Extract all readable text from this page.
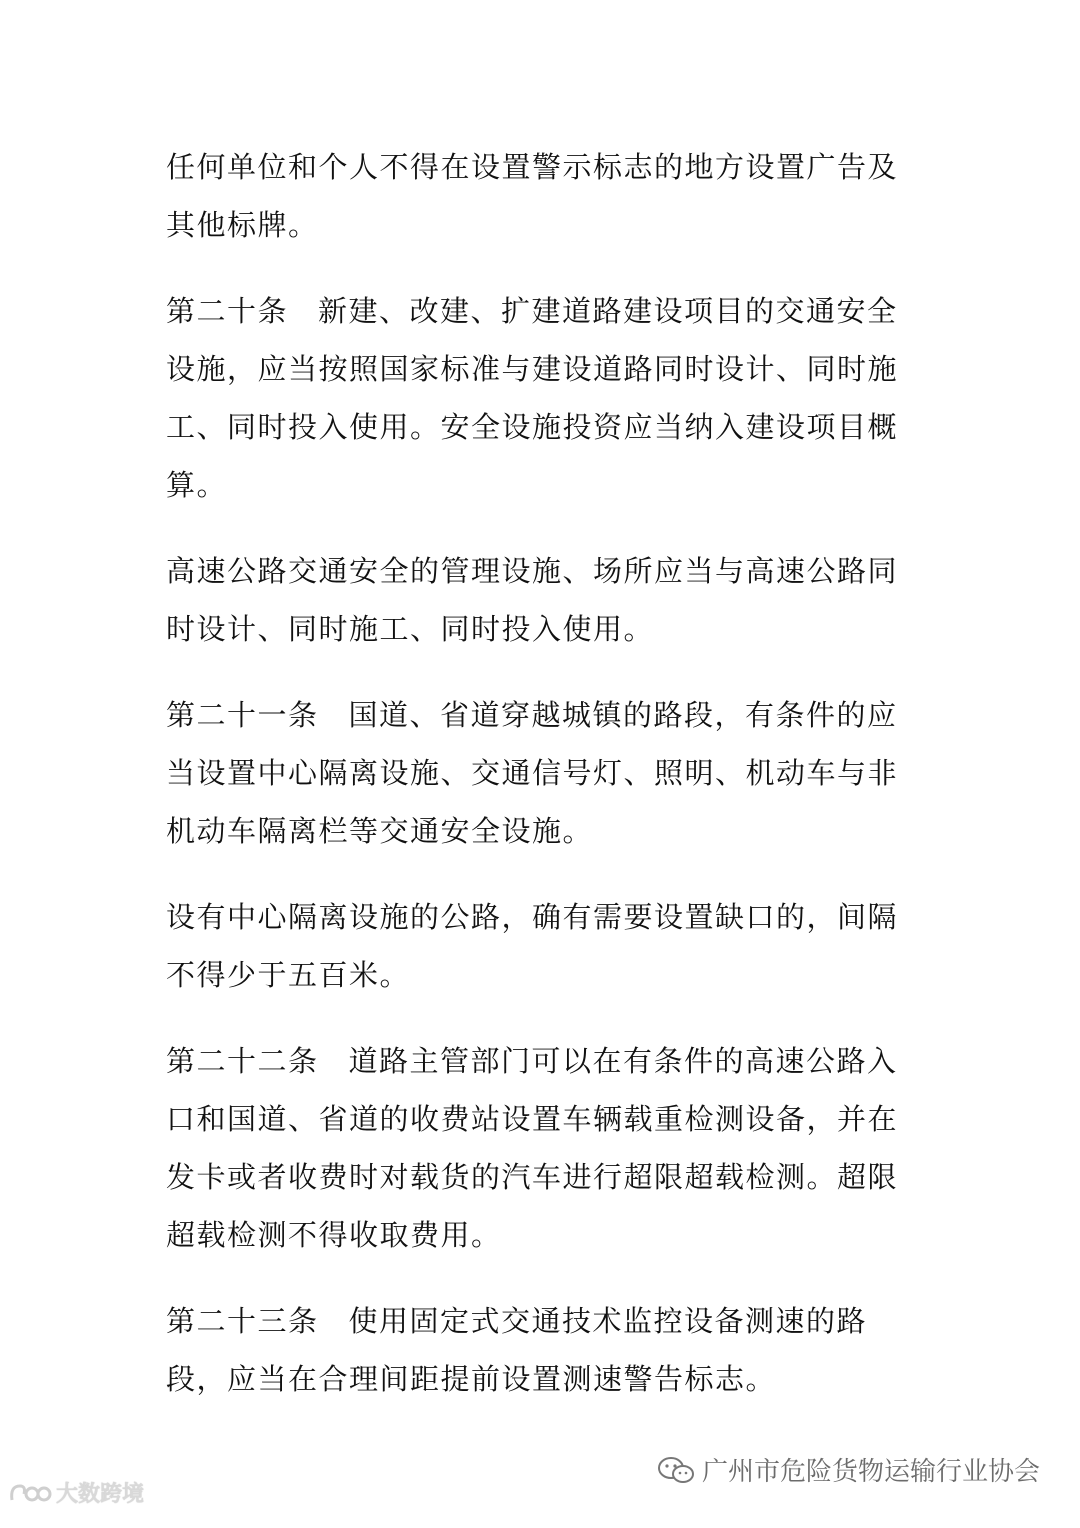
任何单位和个人不得在设置警示标志的地方设置广告及其他标牌。

第二十条 新建、改建、扩建道路建设项目的交通安全设施，应当按照国家标准与建设道路同时设计、同时施工、同时投入使用。安全设施投资应当纳入建设项目概算。

高速公路交通安全的管理设施、场所应当与高速公路同时设计、同时施工、同时投入使用。

第二十一条 国道、省道穿越城镇的路段，有条件的应当设置中心隔离设施、交通信号灯、照明、机动车与非机动车隔离栏等交通安全设施。

设有中心隔离设施的公路，确有需要设置缺口的，间隔不得少于五百米。

第二十二条 道路主管部门可以在有条件的高速公路入口和国道、省道的收费站设置车辆载重检测设备，并在发卡或者收费时对载货的汽车进行超限超载检测。超限超载检测不得收取费用。

第二十三条 使用固定式交通技术监控设备测速的路段，应当在合理间距提前设置测速警告标志。

广州市危险货物运输行业协会
大数跨境
